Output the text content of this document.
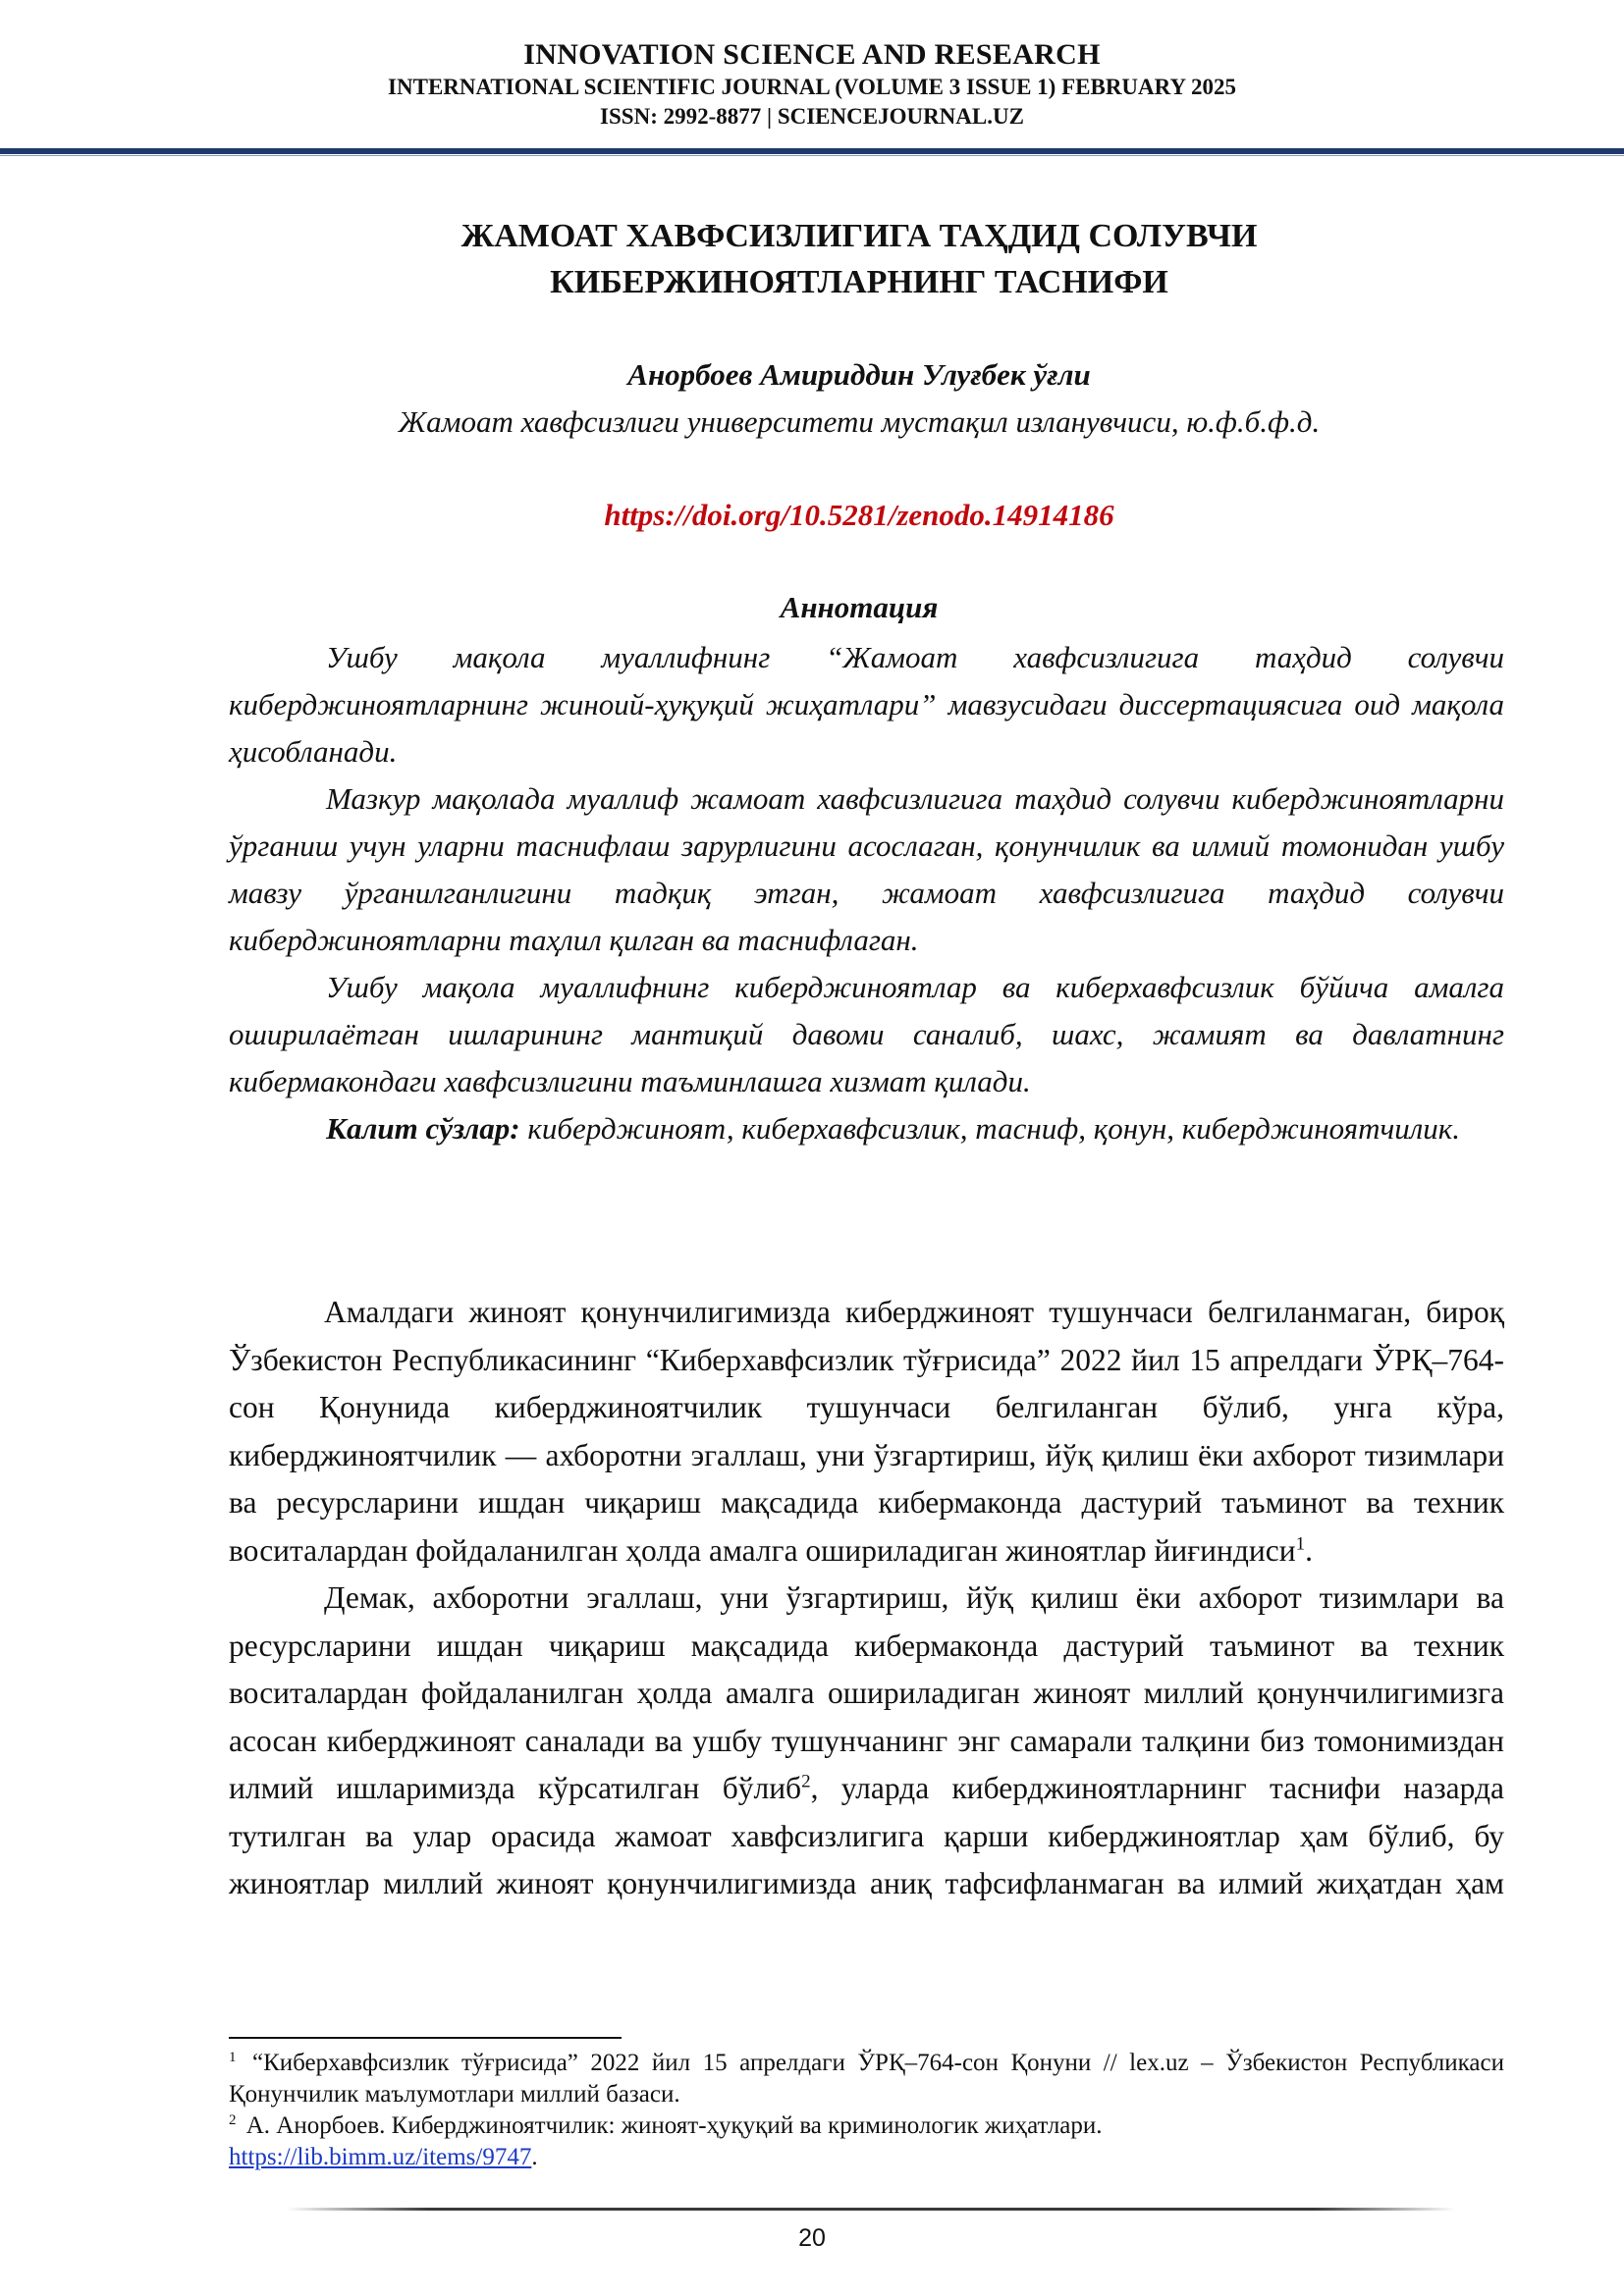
INNOVATION SCIENCE AND RESEARCH
INTERNATIONAL SCIENTIFIC JOURNAL (VOLUME 3 ISSUE 1) FEBRUARY 2025
ISSN: 2992-8877 | SCIENCEJOURNAL.UZ
ЖАМОАТ ХАВФСИЗЛИГИГА ТАҲДИД СОЛУВЧИ
КИБЕРЖИНОЯТЛАРНИНГ ТАСНИФИ
Анорбоев Амириддин Улуғбек ўғли
Жамоат хавфсизлиги университети мустақил изланувчиси, ю.ф.б.ф.д.
https://doi.org/10.5281/zenodo.14914186
Аннотация

Ушбу мақола муаллифнинг “Жамоат хавфсизлигига таҳдид солувчи киберджиноятларнинг жиноий-ҳуқуқий жиҳатлари” мавзусидаги диссертациясига оид мақола ҳисобланади.

Мазкур мақолада муаллиф жамоат хавфсизлигига таҳдид солувчи киберджиноятларни ўрганиш учун уларни таснифлаш зарурлигини асослаган, қонунчилик ва илмий томонидан ушбу мавзу ўрганилганлигини тадқиқ этган, жамоат хавфсизлигига таҳдид солувчи киберджиноятларни таҳлил қилган ва таснифлаган.

Ушбу мақола муаллифнинг киберджиноятлар ва киберхавфсизлик бўйича амалга оширилаётган ишларининг мантиқий давоми саналиб, шахс, жамият ва давлатнинг кибермакондаги хавфсизлигини таъминлашга хизмат қилади.

Калит сўзлар: киберджиноят, киберхавфсизлик, тасниф, қонун, киберджиноятчилик.

Амалдаги жиноят қонунчилигимизда киберджиноят тушунчаси белгиланмаган, бироқ Ўзбекистон Республикасининг “Киберхавфсизлик тўғрисида” 2022 йил 15 апрелдаги ЎРҚ–764-сон Қонунида киберджиноятчилик тушунчаси белгиланган бўлиб, унга кўра, киберджиноятчилик — ахборотни эгаллаш, уни ўзгартириш, йўқ қилиш ёки ахборот тизимлари ва ресурсларини ишдан чиқариш мақсадида кибермаконда дастурий таъминот ва техник воситалардан фойдаланилган ҳолда амалга ошириладиган жиноятлар йиғиндиси$^1$.

Демак, ахборотни эгаллаш, уни ўзгартириш, йўқ қилиш ёки ахборот тизимлари ва ресурсларини ишдан чиқариш мақсадида кибермаконда дастурий таъминот ва техник воситалардан фойдаланилган ҳолда амалга ошириладиган жиноят миллий қонунчилигимизга асосан киберджиноят саналади ва ушбу тушунчанинг энг самарали талқини биз томонимиздан илмий ишларимизда кўрсатилган бўлиб$^2$, уларда киберджиноятларнинг таснифи назарда тутилган ва улар орасида жамоат хавфсизлигига қарши киберджиноятлар ҳам бўлиб, бу жиноятлар миллий жиноят қонунчилигимизда аниқ тафсифланмаган ва илмий жиҳатдан ҳам

$^1$ “Киберхавфсизлик тўғрисида” 2022 йил 15 апрелдаги ЎРҚ–764-сон Қонуни // lex.uz – Ўзбекистон Республикаси Қонунчилик маълумотлари миллий базаси.

$^2$ А. Анорбоев. Киберджиноятчилик: жиноят-ҳуқуқий ва криминологик жиҳатлари.
https://lib.bimm.uz/items/9747.

20
